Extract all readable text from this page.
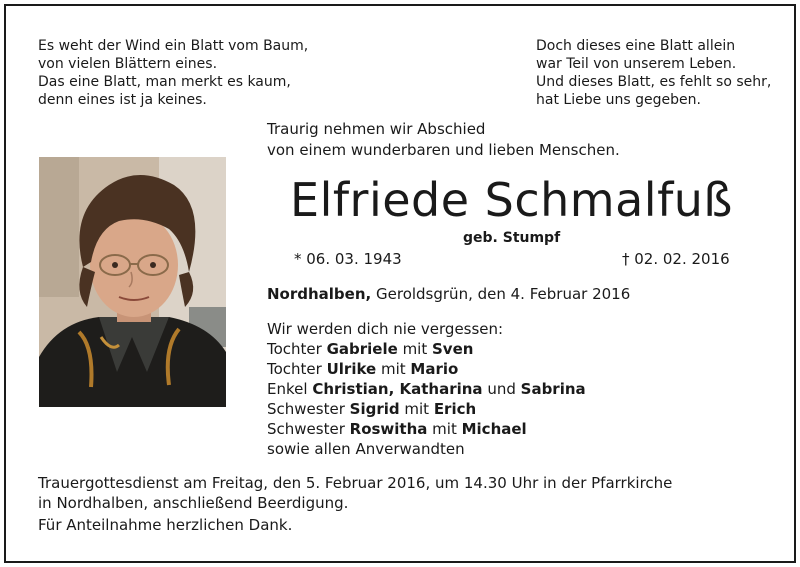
Es weht der Wind ein Blatt vom Baum,
von vielen Blättern eines.
Das eine Blatt, man merkt es kaum,
denn eines ist ja keines.
Doch dieses eine Blatt allein
war Teil von unserem Leben.
Und dieses Blatt, es fehlt so sehr,
hat Liebe uns gegeben.
Traurig nehmen wir Abschied
von einem wunderbaren und lieben Menschen.
Elfriede Schmalfuß
geb. Stumpf
* 06. 03. 1943	† 02. 02. 2016
Nordhalben, Geroldsgrün, den 4. Februar 2016
Wir werden dich nie vergessen:
Tochter Gabriele mit Sven
Tochter Ulrike mit Mario
Enkel Christian, Katharina und Sabrina
Schwester Sigrid mit Erich
Schwester Roswitha mit Michael
sowie allen Anverwandten
Trauergottesdienst am Freitag, den 5. Februar 2016, um 14.30 Uhr in der Pfarrkirche
in Nordhalben, anschließend Beerdigung.
Für Anteilnahme herzlichen Dank.
